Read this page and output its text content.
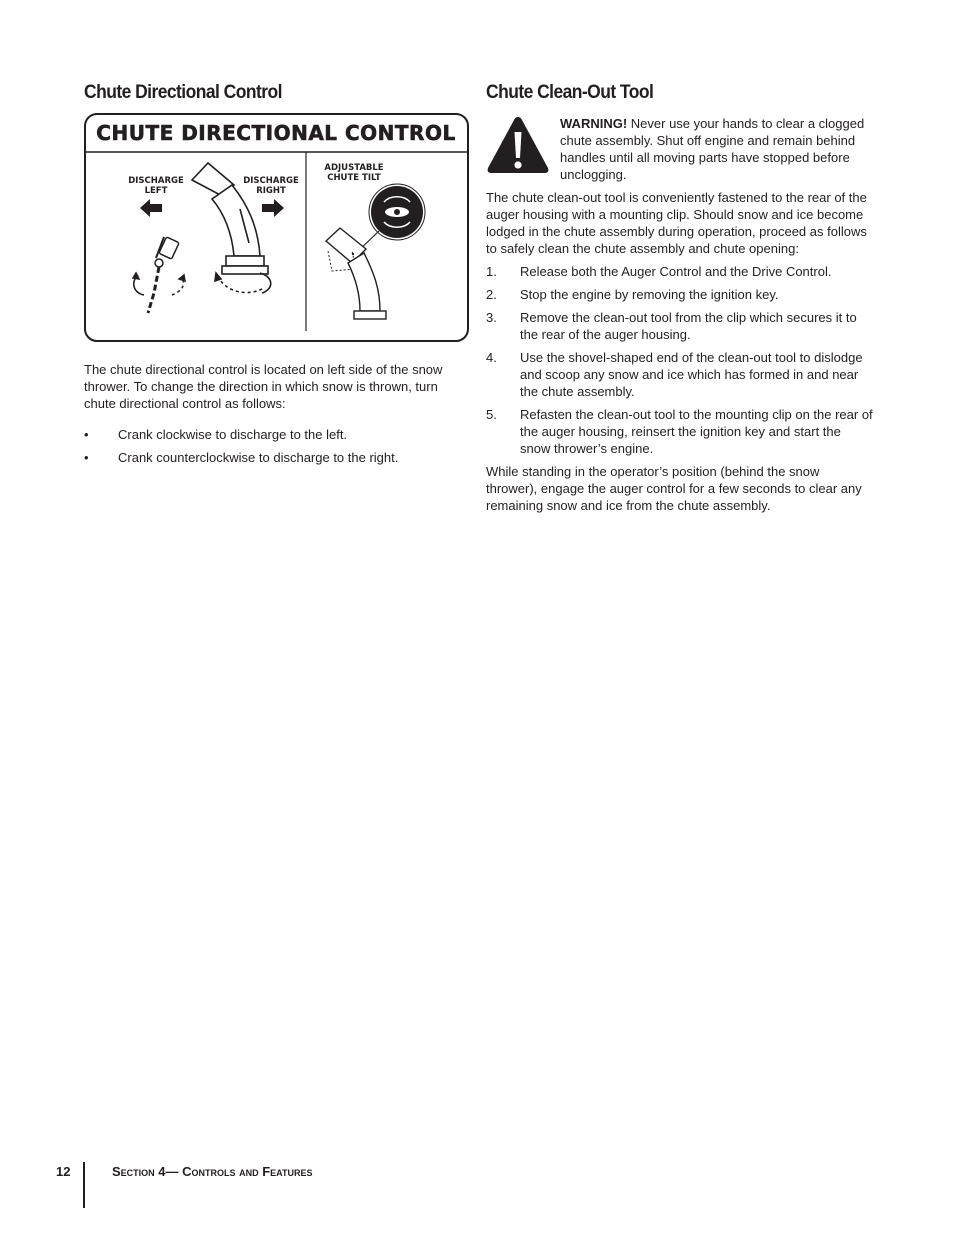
Chute Directional Control
CHUTE DIRECTIONAL CONTROL
DISCHARGE
LEFT
DISCHARGE
RIGHT
ADJUSTABLE
CHUTE TILT

The chute directional control is located on left side of the snow thrower. To change the direction in which snow is thrown, turn chute directional control as follows:

• Crank clockwise to discharge to the left.
• Crank counterclockwise to discharge to the right.
Chute Clean-Out Tool

WARNING! Never use your hands to clear a clogged chute assembly. Shut off engine and remain behind handles until all moving parts have stopped before unclogging.

The chute clean-out tool is conveniently fastened to the rear of the auger housing with a mounting clip. Should snow and ice become lodged in the chute assembly during operation, proceed as follows to safely clean the chute assembly and chute opening:

1. Release both the Auger Control and the Drive Control.
2. Stop the engine by removing the ignition key.
3. Remove the clean-out tool from the clip which secures it to the rear of the auger housing.
4. Use the shovel-shaped end of the clean-out tool to dislodge and scoop any snow and ice which has formed in and near the chute assembly.
5. Refasten the clean-out tool to the mounting clip on the rear of the auger housing, reinsert the ignition key and start the snow thrower’s engine.

While standing in the operator’s position (behind the snow thrower), engage the auger control for a few seconds to clear any remaining snow and ice from the chute assembly.

12	Section 4— Controls and Features
